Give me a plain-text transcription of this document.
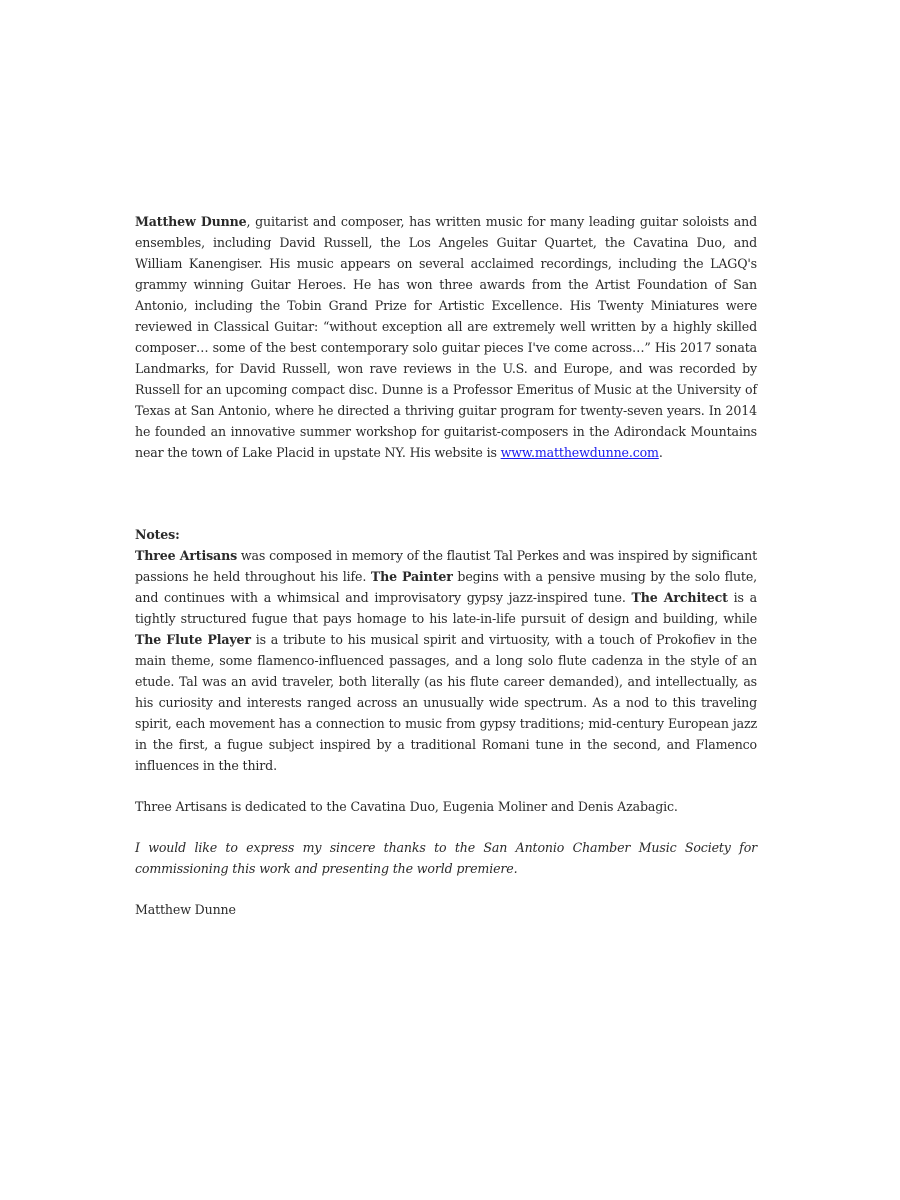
Matthew Dunne, guitarist and composer, has written music for many leading guitar soloists and ensembles, including David Russell, the Los Angeles Guitar Quartet, the Cavatina Duo, and William Kanengiser. His music appears on several acclaimed recordings, including the LAGQ's grammy winning Guitar Heroes. He has won three awards from the Artist Foundation of San Antonio, including the Tobin Grand Prize for Artistic Excellence. His Twenty Miniatures were reviewed in Classical Guitar: “without exception all are extremely well written by a highly skilled composer… some of the best contemporary solo guitar pieces I've come across…” His 2017 sonata Landmarks, for David Russell, won rave reviews in the U.S. and Europe, and was recorded by Russell for an upcoming compact disc. Dunne is a Professor Emeritus of Music at the University of Texas at San Antonio, where he directed a thriving guitar program for twenty-seven years. In 2014 he founded an innovative summer workshop for guitarist-composers in the Adirondack Mountains near the town of Lake Placid in upstate NY. His website is www.matthewdunne.com.

Notes:

Three Artisans was composed in memory of the flautist Tal Perkes and was inspired by significant passions he held throughout his life. The Painter begins with a pensive musing by the solo flute, and continues with a whimsical and improvisatory gypsy jazz-inspired tune. The Architect is a tightly structured fugue that pays homage to his late-in-life pursuit of design and building, while The Flute Player is a tribute to his musical spirit and virtuosity, with a touch of Prokofiev in the main theme, some flamenco-influenced passages, and a long solo flute cadenza in the style of an etude. Tal was an avid traveler, both literally (as his flute career demanded), and intellectually, as his curiosity and interests ranged across an unusually wide spectrum. As a nod to this traveling spirit, each movement has a connection to music from gypsy traditions; mid-century European jazz in the first, a fugue subject inspired by a traditional Romani tune in the second, and Flamenco influences in the third.

Three Artisans is dedicated to the Cavatina Duo, Eugenia Moliner and Denis Azabagic.

I would like to express my sincere thanks to the San Antonio Chamber Music Society for commissioning this work and presenting the world premiere.

Matthew Dunne
